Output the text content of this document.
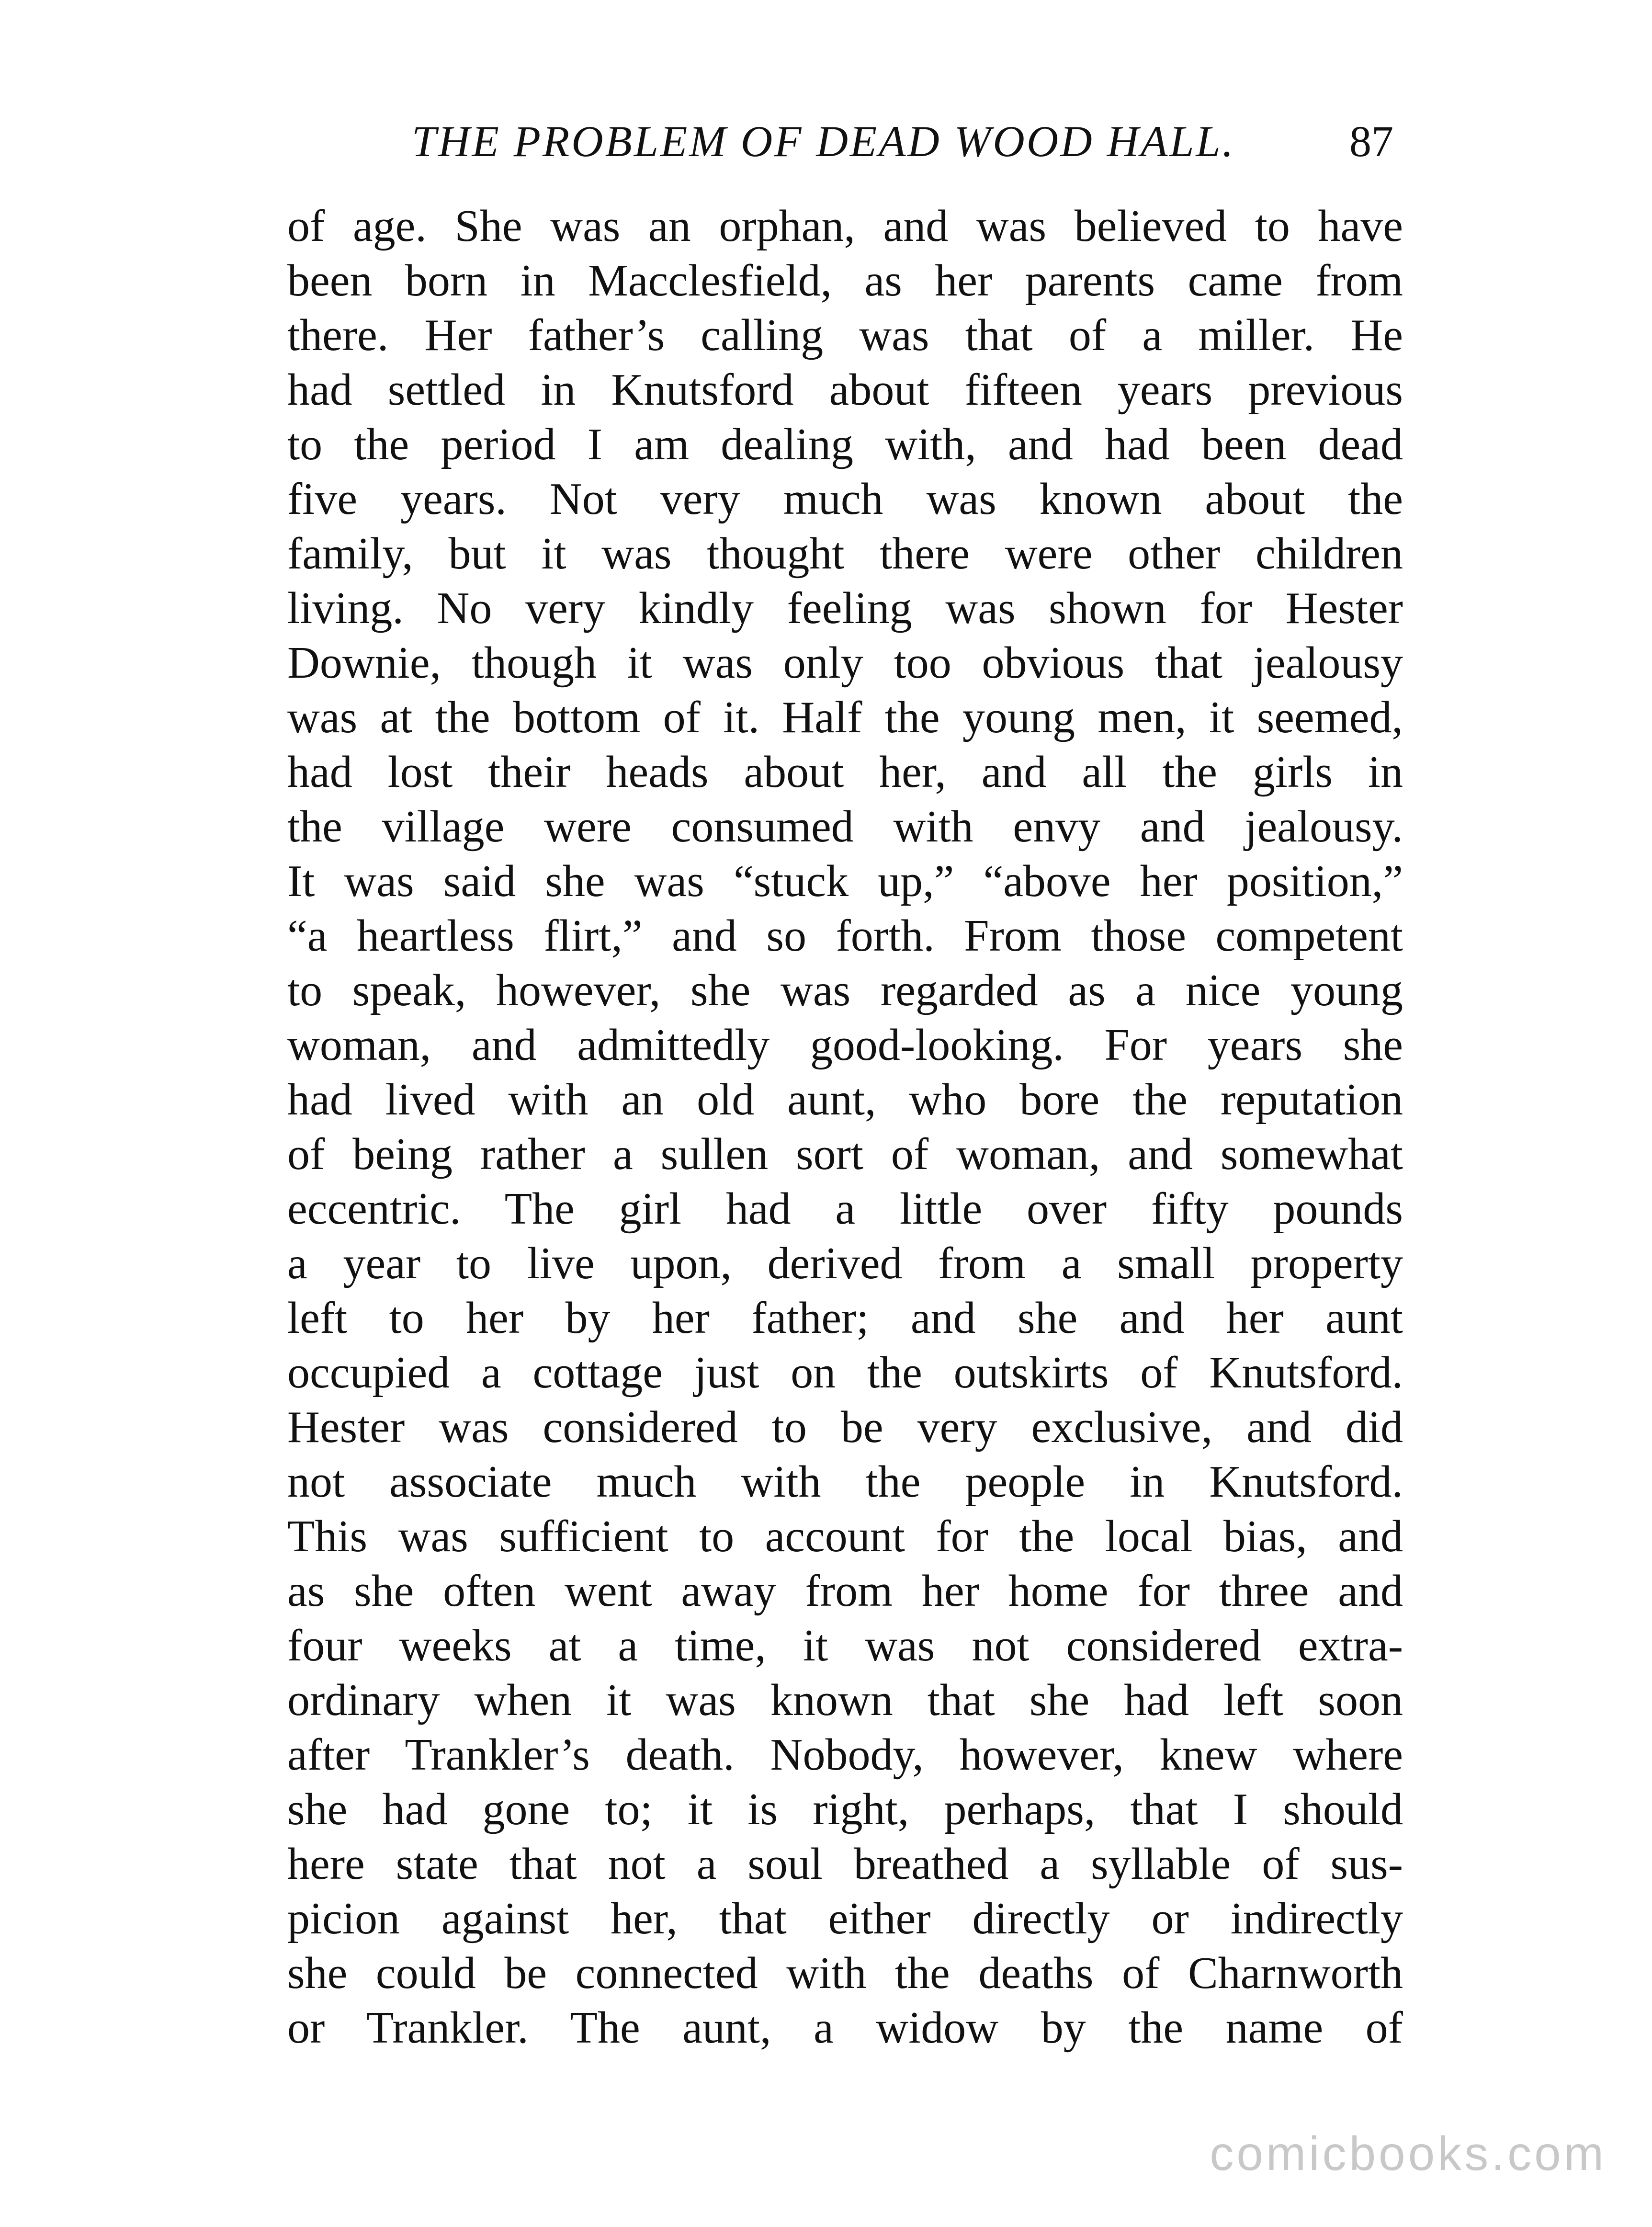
THE PROBLEM OF DEAD WOOD HALL.	87
of age. She was an orphan, and was believed to have
been born in Macclesfield, as her parents came from
there. Her father’s calling was that of a miller. He
had settled in Knutsford about fifteen years previous
to the period I am dealing with, and had been dead
five years. Not very much was known about the
family, but it was thought there were other children
living. No very kindly feeling was shown for Hester
Downie, though it was only too obvious that jealousy
was at the bottom of it. Half the young men, it seemed,
had lost their heads about her, and all the girls in
the village were consumed with envy and jealousy.
It was said she was “stuck up,” “above her position,”
“a heartless flirt,” and so forth. From those competent
to speak, however, she was regarded as a nice young
woman, and admittedly good-looking. For years she
had lived with an old aunt, who bore the reputation
of being rather a sullen sort of woman, and somewhat
eccentric. The girl had a little over fifty pounds
a year to live upon, derived from a small property
left to her by her father; and she and her aunt
occupied a cottage just on the outskirts of Knutsford.
Hester was considered to be very exclusive, and did
not associate much with the people in Knutsford.
This was sufficient to account for the local bias, and
as she often went away from her home for three and
four weeks at a time, it was not considered extra-
ordinary when it was known that she had left soon
after Trankler’s death. Nobody, however, knew where
she had gone to; it is right, perhaps, that I should
here state that not a soul breathed a syllable of sus-
picion against her, that either directly or indirectly
she could be connected with the deaths of Charnworth
or Trankler. The aunt, a widow by the name of
comicbooks.com
